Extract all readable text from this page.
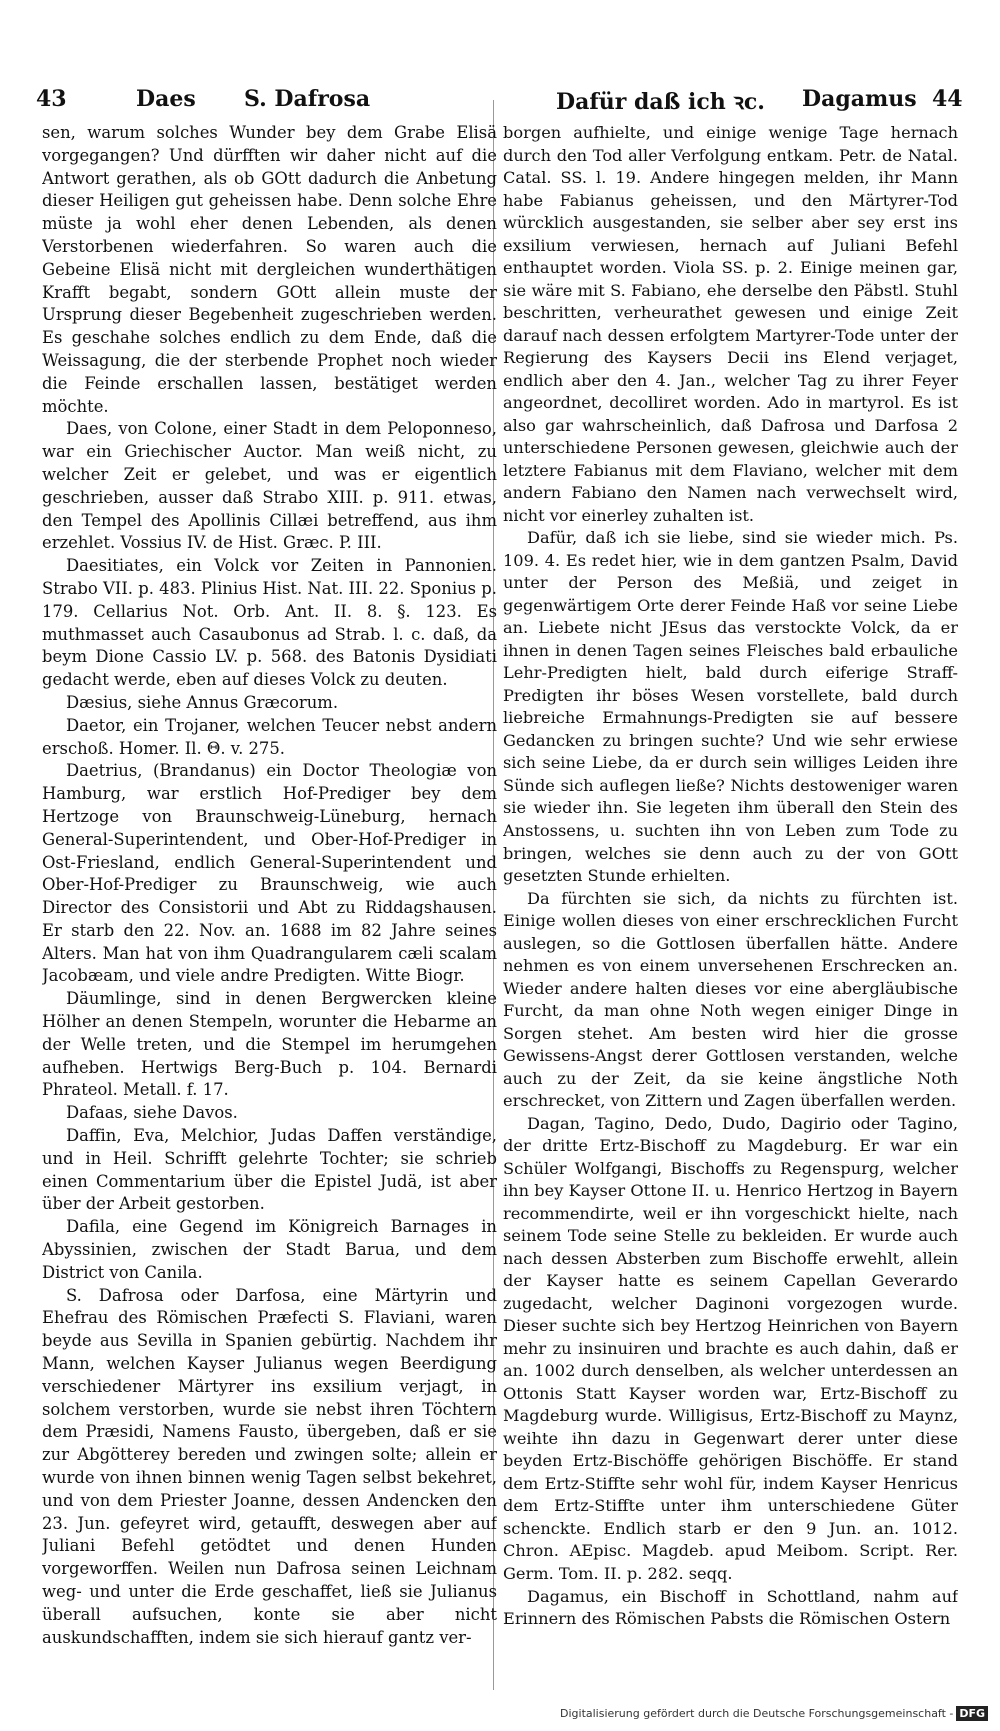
43	Daes S. Dafrosa	Dafür daß ich ꝛc. Dagamus 44

sen, warum solches Wunder bey dem Grabe Elisä vorgegangen? Und dürfften wir daher nicht auf die Antwort gerathen, als ob GOtt dadurch die Anbetung dieser Heiligen gut geheissen habe. Denn solche Ehre müste ja wohl eher denen Lebenden, als denen Verstorbenen wiederfahren. So waren auch die Gebeine Elisä nicht mit dergleichen wunderthätigen Krafft begabt, sondern GOtt allein muste der Ursprung dieser Begebenheit zugeschrieben werden. Es geschahe solches endlich zu dem Ende, daß die Weissagung, die der sterbende Prophet noch wieder die Feinde erschallen lassen, bestätiget werden möchte.

Daes, von Colone, einer Stadt in dem Peloponneso, war ein Griechischer Auctor. Man weiß nicht, zu welcher Zeit er gelebet, und was er eigentlich geschrieben, ausser daß Strabo XIII. p. 911. etwas, den Tempel des Apollinis Cillæi betreffend, aus ihm erzehlet. Vossius IV. de Hist. Græc. P. III.

Daesitiates, ein Volck vor Zeiten in Pannonien. Strabo VII. p. 483. Plinius Hist. Nat. III. 22. Sponius p. 179. Cellarius Not. Orb. Ant. II. 8. §. 123. Es muthmasset auch Casaubonus ad Strab. l. c. daß, da beym Dione Cassio LV. p. 568. des Batonis Dysidiati gedacht werde, eben auf dieses Volck zu deuten.

Dæsius, siehe Annus Græcorum.

Daetor, ein Trojaner, welchen Teucer nebst andern erschoß. Homer. Il. Θ. v. 275.

Daetrius, (Brandanus) ein Doctor Theologiæ von Hamburg, war erstlich Hof-Prediger bey dem Hertzoge von Braunschweig-Lüneburg, hernach General-Superintendent, und Ober-Hof-Prediger in Ost-Friesland, endlich General-Superintendent und Ober-Hof-Prediger zu Braunschweig, wie auch Director des Consistorii und Abt zu Riddagshausen. Er starb den 22. Nov. an. 1688 im 82 Jahre seines Alters. Man hat von ihm Quadrangularem cæli scalam Jacobæam, und viele andre Predigten. Witte Biogr.

Däumlinge, sind in denen Bergwercken kleine Hölher an denen Stempeln, worunter die Hebarme an der Welle treten, und die Stempel im herumgehen aufheben. Hertwigs Berg-Buch p. 104. Bernardi Phrateol. Metall. f. 17.

Dafaas, siehe Davos.

Daffin, Eva, Melchior, Judas Daffen verständige, und in Heil. Schrifft gelehrte Tochter; sie schrieb einen Commentarium über die Epistel Judä, ist aber über der Arbeit gestorben.

Dafila, eine Gegend im Königreich Barnages in Abyssinien, zwischen der Stadt Barua, und dem District von Canila.

S. Dafrosa oder Darfosa, eine Märtyrin und Ehefrau des Römischen Præfecti S. Flaviani, waren beyde aus Sevilla in Spanien gebürtig. Nachdem ihr Mann, welchen Kayser Julianus wegen Beerdigung verschiedener Märtyrer ins exsilium verjagt, in solchem verstorben, wurde sie nebst ihren Töchtern dem Præsidi, Namens Fausto, übergeben, daß er sie zur Abgötterey bereden und zwingen solte; allein er wurde von ihnen binnen wenig Tagen selbst bekehret, und von dem Priester Joanne, dessen Andencken den 23. Jun. gefeyret wird, getaufft, deswegen aber auf Juliani Befehl getödtet und denen Hunden vorgeworffen. Weilen nun Dafrosa seinen Leichnam weg- und unter die Erde geschaffet, ließ sie Julianus überall aufsuchen, konte sie aber nicht auskundschafften, indem sie sich hierauf gantz ver-

borgen aufhielte, und einige wenige Tage hernach durch den Tod aller Verfolgung entkam. Petr. de Natal. Catal. SS. l. 19. Andere hingegen melden, ihr Mann habe Fabianus geheissen, und den Märtyrer-Tod würcklich ausgestanden, sie selber aber sey erst ins exsilium verwiesen, hernach auf Juliani Befehl enthauptet worden. Viola SS. p. 2. Einige meinen gar, sie wäre mit S. Fabiano, ehe derselbe den Päbstl. Stuhl beschritten, verheurathet gewesen und einige Zeit darauf nach dessen erfolgtem Martyrer-Tode unter der Regierung des Kaysers Decii ins Elend verjaget, endlich aber den 4. Jan., welcher Tag zu ihrer Feyer angeordnet, decolliret worden. Ado in martyrol. Es ist also gar wahrscheinlich, daß Dafrosa und Darfosa 2 unterschiedene Personen gewesen, gleichwie auch der letztere Fabianus mit dem Flaviano, welcher mit dem andern Fabiano den Namen nach verwechselt wird, nicht vor einerley zuhalten ist.

Dafür, daß ich sie liebe, sind sie wieder mich. Ps. 109. 4. Es redet hier, wie in dem gantzen Psalm, David unter der Person des Meßiä, und zeiget in gegenwärtigem Orte derer Feinde Haß vor seine Liebe an. Liebete nicht JEsus das verstockte Volck, da er ihnen in denen Tagen seines Fleisches bald erbauliche Lehr-Predigten hielt, bald durch eiferige Straff-Predigten ihr böses Wesen vorstellete, bald durch liebreiche Ermahnungs-Predigten sie auf bessere Gedancken zu bringen suchte? Und wie sehr erwiese sich seine Liebe, da er durch sein williges Leiden ihre Sünde sich auflegen ließe? Nichts destoweniger waren sie wieder ihn. Sie legeten ihm überall den Stein des Anstossens, u. suchten ihn von Leben zum Tode zu bringen, welches sie denn auch zu der von GOtt gesetzten Stunde erhielten.

Da fürchten sie sich, da nichts zu fürchten ist. Einige wollen dieses von einer erschrecklichen Furcht auslegen, so die Gottlosen überfallen hätte. Andere nehmen es von einem unversehenen Erschrecken an. Wieder andere halten dieses vor eine abergläubische Furcht, da man ohne Noth wegen einiger Dinge in Sorgen stehet. Am besten wird hier die grosse Gewissens-Angst derer Gottlosen verstanden, welche auch zu der Zeit, da sie keine ängstliche Noth erschrecket, von Zittern und Zagen überfallen werden.

Dagan, Tagino, Dedo, Dudo, Dagirio oder Tagino, der dritte Ertz-Bischoff zu Magdeburg. Er war ein Schüler Wolfgangi, Bischoffs zu Regenspurg, welcher ihn bey Kayser Ottone II. u. Henrico Hertzog in Bayern recommendirte, weil er ihn vorgeschickt hielte, nach seinem Tode seine Stelle zu bekleiden. Er wurde auch nach dessen Absterben zum Bischoffe erwehlt, allein der Kayser hatte es seinem Capellan Geverardo zugedacht, welcher Daginoni vorgezogen wurde. Dieser suchte sich bey Hertzog Heinrichen von Bayern mehr zu insinuiren und brachte es auch dahin, daß er an. 1002 durch denselben, als welcher unterdessen an Ottonis Statt Kayser worden war, Ertz-Bischoff zu Magdeburg wurde. Willigisus, Ertz-Bischoff zu Maynz, weihte ihn dazu in Gegenwart derer unter diese beyden Ertz-Bischöffe gehörigen Bischöffe. Er stand dem Ertz-Stiffte sehr wohl für, indem Kayser Henricus dem Ertz-Stiffte unter ihm unterschiedene Güter schenckte. Endlich starb er den 9 Jun. an. 1012. Chron. AEpisc. Magdeb. apud Meibom. Script. Rer. Germ. Tom. II. p. 282. seqq.

Dagamus, ein Bischoff in Schottland, nahm auf Erinnern des Römischen Pabsts die Römischen Ostern

Digitalisierung gefördert durch die Deutsche Forschungsgemeinschaft - DFG
